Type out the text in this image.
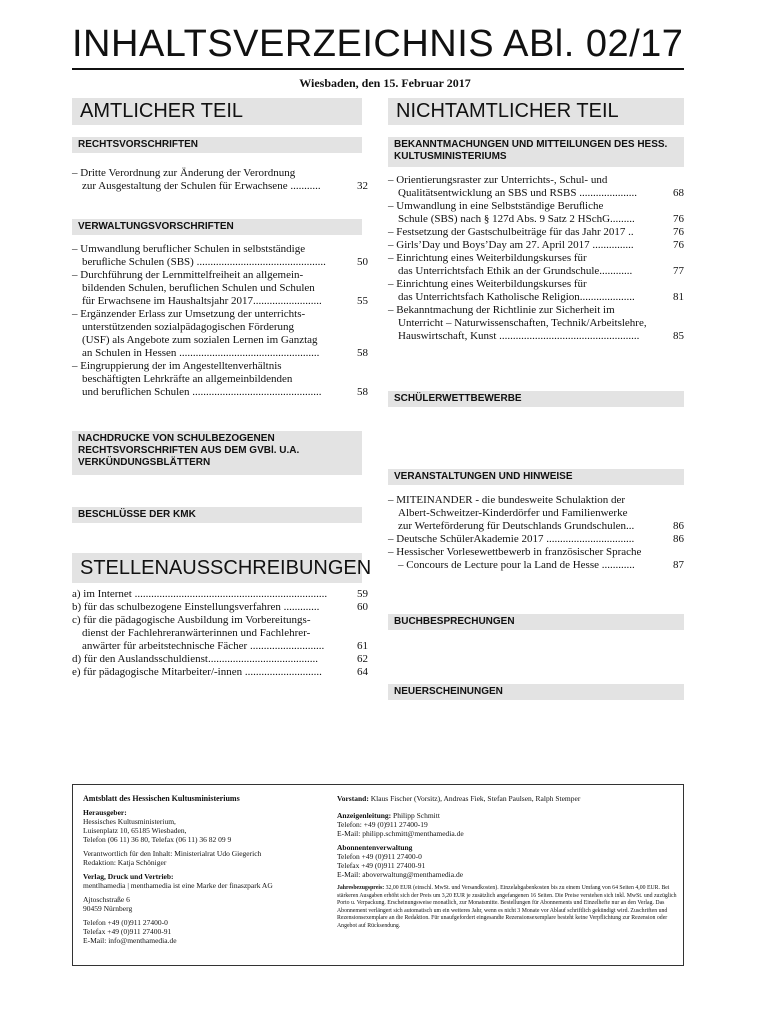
INHALTSVERZEICHNIS ABl. 02/17
Wiesbaden, den 15. Februar 2017
AMTLICHER TEIL
RECHTSVORSCHRIFTEN
– Dritte Verordnung zur Änderung der Verordnung
zur Ausgestaltung der Schulen für Erwachsene ...........	32
VERWALTUNGSVORSCHRIFTEN
– Umwandlung beruflicher Schulen in selbstständige
beruﬂiche Schulen (SBS) ...............................................	50
– Durchführung der Lernmittelfreiheit an allgemein-
bildenden Schulen, beruflichen Schulen und Schulen
für Erwachsene im Haushaltsjahr 2017.........................	55
– Ergänzender Erlass zur Umsetzung der unterrichts-
unterstützenden sozialpädagogischen Förderung
(USF) als Angebote zum sozialen Lernen im Ganztag
an Schulen in Hessen ...................................................	58
– Eingruppierung der im Angestelltenverhältnis
beschäftigten Lehrkräfte an allgemeinbildenden
und beruflichen Schulen ...............................................	58
NACHDRUCKE VON SCHULBEZOGENEN RECHTSVORSCHRIFTEN AUS DEM GVBl. U.A. VERKÜNDUNGSBLÄTTERN
BESCHLÜSSE DER KMK
STELLENAUSSCHREIBUNGEN
a) im Internet ......................................................................	59
b) für das schulbezogene Einstellungsverfahren .............	60
c) für die pädagogische Ausbildung im Vorbereitungs-
dienst der Fachlehreranwärterinnen und Fachlehrer-
anwärter für arbeitstechnische Fächer ...........................	61
d) für den Auslandsschuldienst........................................	62
e) für pädagogische Mitarbeiter/-innen ............................	64
NICHTAMTLICHER TEIL
BEKANNTMACHUNGEN UND MITTEILUNGEN DES HESS. KULTUSMINISTERIUMS
– Orientierungsraster zur Unterrichts-, Schul- und
Qualitätsentwicklung an SBS und RSBS .....................	68
– Umwandlung in eine Selbstständige Beruﬂiche
Schule (SBS) nach § 127d Abs. 9 Satz 2 HSchG.........	76
– Festsetzung der Gastschulbeiträge für das Jahr 2017 ..	76
– Girls’Day und Boys’Day am 27. April 2017 ...............	76
– Einrichtung eines Weiterbildungskurses für
das Unterrichtsfach Ethik an der Grundschule............	77
– Einrichtung eines Weiterbildungskurses für
das Unterrichtsfach Katholische Religion....................	81
– Bekanntmachung der Richtlinie zur Sicherheit im
Unterricht – Naturwissenschaften, Technik/Arbeitslehre,
Hauswirtschaft, Kunst ...................................................	85
SCHÜLERWETTBEWERBE
VERANSTALTUNGEN UND HINWEISE
– MITEINANDER - die bundesweite Schulaktion der
Albert-Schweitzer-Kinderdörfer und Familienwerke
zur Werteförderung für Deutschlands Grundschulen...	86
– Deutsche SchülerAkademie 2017 ................................	86
– Hessischer Vorlesewettbewerb in französischer Sprache
– Concours de Lecture pour la Land de Hesse ............	87
BUCHBESPRECHUNGEN
NEUERSCHEINUNGEN
Amtsblatt des Hessischen Kultusministeriums
Herausgeber:
Hessisches Kultusministerium,
Luisenplatz 10, 65185 Wiesbaden,
Telefon (06 11) 36 80, Telefax (06 11) 36 82 09 9
Verantwortlich für den Inhalt: Ministerialrat Udo Giegerich
Redaktion: Katja Schöniger
Verlag, Druck und Vertrieb:
mentlhamedia | menthamedia ist eine Marke der finaszpark AG
Ajtoschstraße 6
90459 Nürnberg
Telefon +49 (0)911 27400-0
Telefax +49 (0)911 27400-91
E-Mail: info@menthamedia.de
Vorstand: Klaus Fischer (Vorsitz), Andreas Fiek, Stefan Paulsen, Ralph Stemper
Anzeigenleitung: Philipp Schmitt
Telefon: +49 (0)911 27400-19
E-Mail: philipp.schmitt@menthamedia.de
Abonnentenverwaltung
Telefon +49 (0)911 27400-0
Telefax +49 (0)911 27400-91
E-Mail: aboverwaltung@menthamedia.de
Jahresbezugspreis: 32,00 EUR (einschl. MwSt. und Versandkosten). Einzelabgabenkosten bis zu einem Umfang von 64 Seiten 4,00 EUR. Bei stärkeren Ausgaben erhöht sich der Preis um 3,20 EUR je zusätzlich angefangenen 16 Seiten. Die Preise verstehen sich inkl. MwSt. und zuzüglich Porto u. Verpackung. Erscheinungsweise monatlich, zur Monatsmitte. Bestellungen für Abonnements und Einzelhefte nur an den Verlag. Das Abonnement verlängert sich automatisch um ein weiteres Jahr, wenn es nicht 3 Monate vor Ablauf schriftlich gekündigt wird. Zuschriften und Rezensionsexemplare an die Redaktion. Für unaufgefordert eingesandte Rezensionsexemplare besteht keine Verpflichtung zur Rezension oder Angebot auf Rücksendung.
